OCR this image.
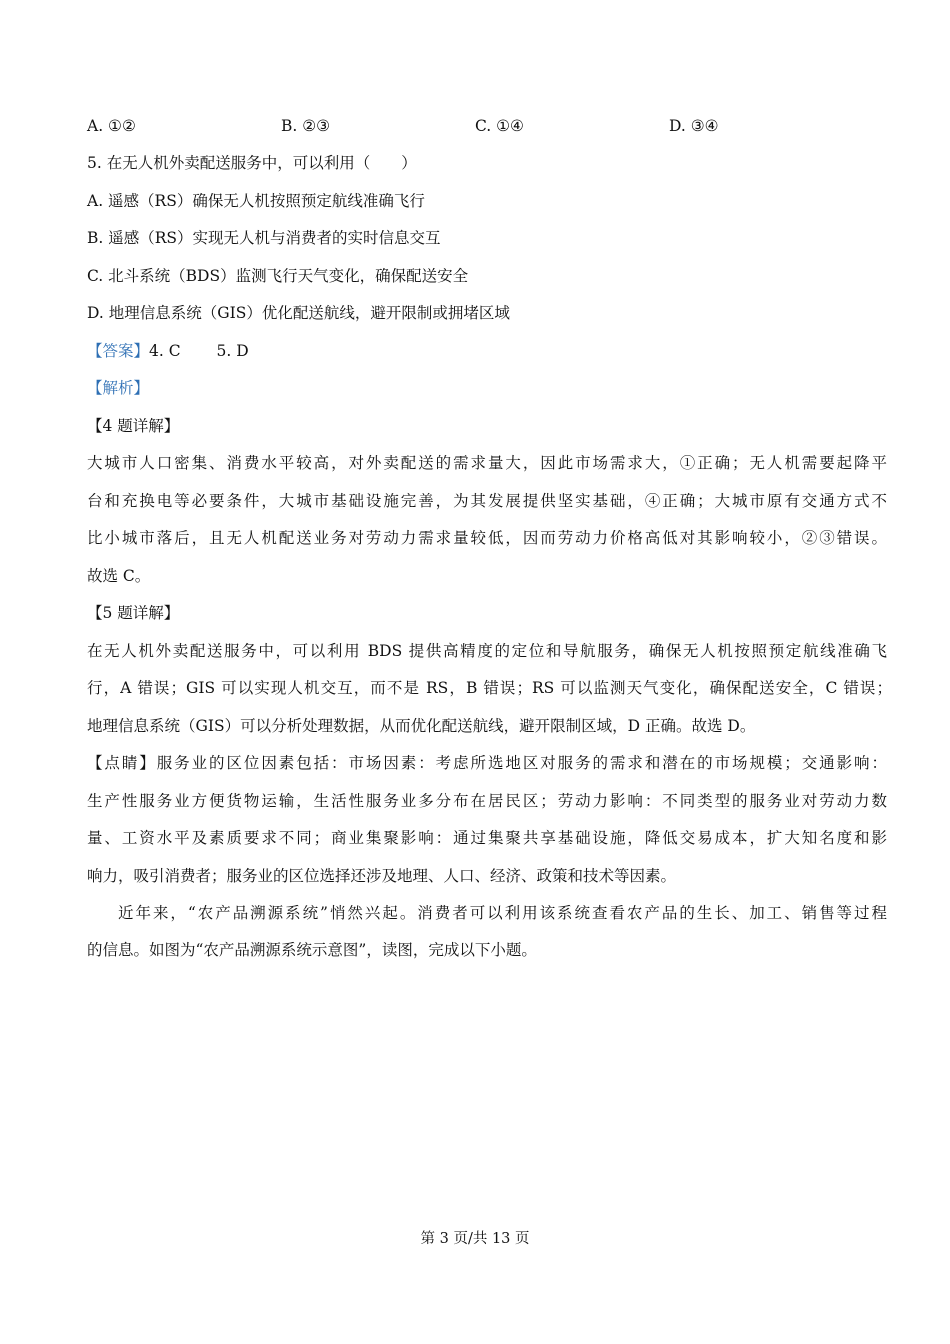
A. ①②	B. ②③	C. ①④	D. ③④
5. 在无人机外卖配送服务中，可以利用（　　）
A. 遥感（RS）确保无人机按照预定航线准确飞行
B. 遥感（RS）实现无人机与消费者的实时信息交互
C. 北斗系统（BDS）监测飞行天气变化，确保配送安全
D. 地理信息系统（GIS）优化配送航线，避开限制或拥堵区域
【答案】4. C　　 5. D
【解析】
【4 题详解】
大城市人口密集、消费水平较高，对外卖配送的需求量大，因此市场需求大，①正确；无人机需要起降平
台和充换电等必要条件，大城市基础设施完善，为其发展提供坚实基础，④正确；大城市原有交通方式不
比小城市落后，且无人机配送业务对劳动力需求量较低，因而劳动力价格高低对其影响较小，②③错误。
故选 C。
【5 题详解】
在无人机外卖配送服务中，可以利用 BDS 提供高精度的定位和导航服务，确保无人机按照预定航线准确飞
行，A 错误；GIS 可以实现人机交互，而不是 RS，B 错误；RS 可以监测天气变化，确保配送安全，C 错误；
地理信息系统（GIS）可以分析处理数据，从而优化配送航线，避开限制区域，D 正确。故选 D。
【点睛】服务业的区位因素包括：市场因素：考虑所选地区对服务的需求和潜在的市场规模；交通影响：
生产性服务业方便货物运输，生活性服务业多分布在居民区；劳动力影响：不同类型的服务业对劳动力数
量、工资水平及素质要求不同；商业集聚影响：通过集聚共享基础设施，降低交易成本，扩大知名度和影
响力，吸引消费者；服务业的区位选择还涉及地理、人口、经济、政策和技术等因素。
近年来，“农产品溯源系统”悄然兴起。消费者可以利用该系统查看农产品的生长、加工、销售等过程
的信息。如图为“农产品溯源系统示意图”，读图，完成以下小题。
第 3 页/共 13 页
